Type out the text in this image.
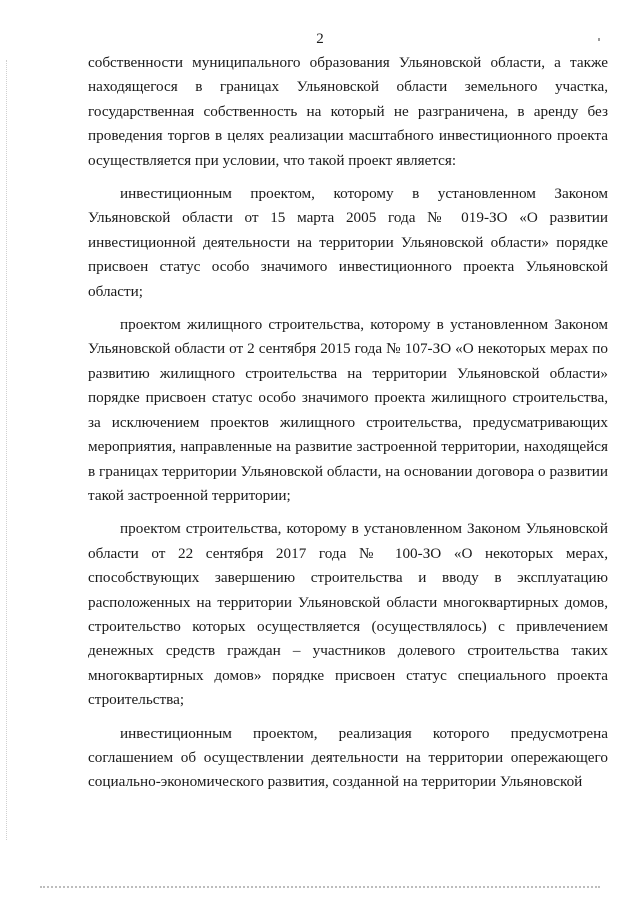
2

собственности муниципального образования Ульяновской области, а также находящегося в границах Ульяновской области земельного участка, государственная собственность на который не разграничена, в аренду без проведения торгов в целях реализации масштабного инвестиционного проекта осуществляется при условии, что такой проект является:

инвестиционным проектом, которому в установленном Законом Ульяновской области от 15 марта 2005 года № 019-ЗО «О развитии инвестиционной деятельности на территории Ульяновской области» порядке присвоен статус особо значимого инвестиционного проекта Ульяновской области;

проектом жилищного строительства, которому в установленном Законом Ульяновской области от 2 сентября 2015 года № 107-ЗО «О некоторых мерах по развитию жилищного строительства на территории Ульяновской области» порядке присвоен статус особо значимого проекта жилищного строительства, за исключением проектов жилищного строительства, предусматривающих мероприятия, направленные на развитие застроенной территории, находящейся в границах территории Ульяновской области, на основании договора о развитии такой застроенной территории;

проектом строительства, которому в установленном Законом Ульяновской области от 22 сентября 2017 года № 100-ЗО «О некоторых мерах, способствующих завершению строительства и вводу в эксплуатацию расположенных на территории Ульяновской области многоквартирных домов, строительство которых осуществляется (осуществлялось) с привлечением денежных средств граждан – участников долевого строительства таких многоквартирных домов» порядке присвоен статус специального проекта строительства;

инвестиционным проектом, реализация которого предусмотрена соглашением об осуществлении деятельности на территории опережающего социально-экономического развития, созданной на территории Ульяновской
